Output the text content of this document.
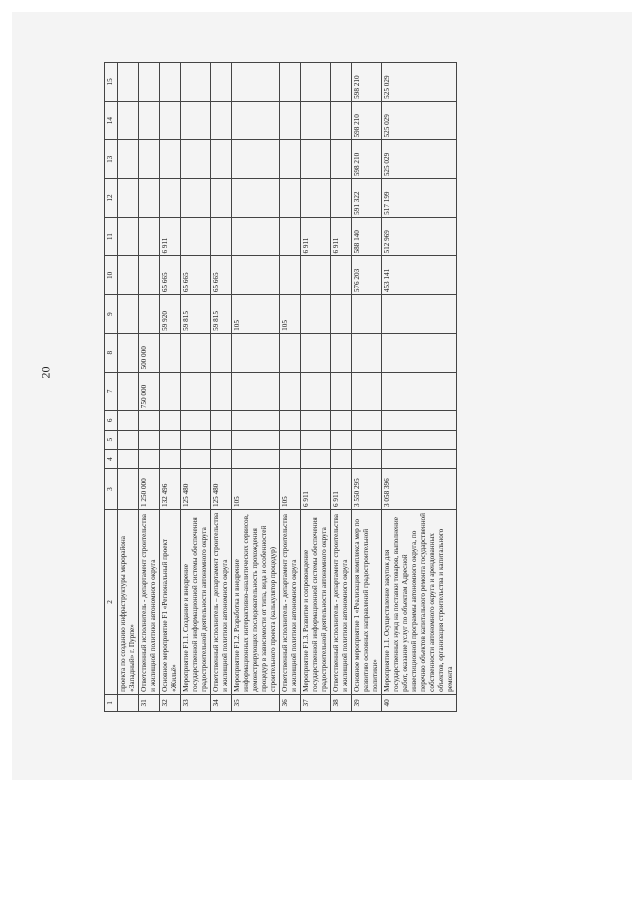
20
1	2	3	4	5	6	7	8	9	10	11	12	13	14	15
	проекта по созданию инфраструктуры мкрорайона «Западный» г. Пурпе»													
31	Ответственный исполнитель - департамент строительства и жилищной политики автономного округа	1 250 000				750 000	500 000							
32	Основное мероприятие F1 «Региональный проект «Жильё»	132 496						59 920	65 665	6 911				
33	Мероприятие F1.1. Создание и внедрение государственной информационной системы обеспечения градостроительной деятельности автономного округа	125 480						59 815	65 665					
34	Ответственный исполнитель – департамент строительства и жилищной политики автономного округа	125 480						59 815	65 665					
35	Мероприятие F1.2. Разработка и внедрение информационных интерактивно-аналитических сервисов, демонстрирующих последовательность прохождения процедур в зависимости от типа, вида и особенностей строительного проекта (калькулятор процедур)	105						105						
36	Ответственный исполнитель - департамент строительства и жилищной политики автономного округа	105						105						
37	Мероприятие F1.3. Развитие и сопровождение государственной информационной системы обеспечения градостроительной деятельности автономного округа	6 911								6 911				
38	Ответственный исполнитель - департамент строительства и жилищной политики автономного округа	6 911								6 911				
39	Основное мероприятие 1 «Реализация комплекса мер по развитию основных направлений градостроительной политики»	3 550 295							576 203	588 140	591 322	598 210	598 210	598 210
40	Мероприятие 1.1. Осуществление закупок для государственных нужд на поставки товаров, выполнение работ, оказание услуг по объектам Адресной инвестиционной программы автономного округа, по перечню объектов капитального ремонта государственной собственности автономного округа и арендованных объектов, организация строительства и капитального ремонта	3 058 396							453 141	512 969	517 199	525 029	525 029	525 029
